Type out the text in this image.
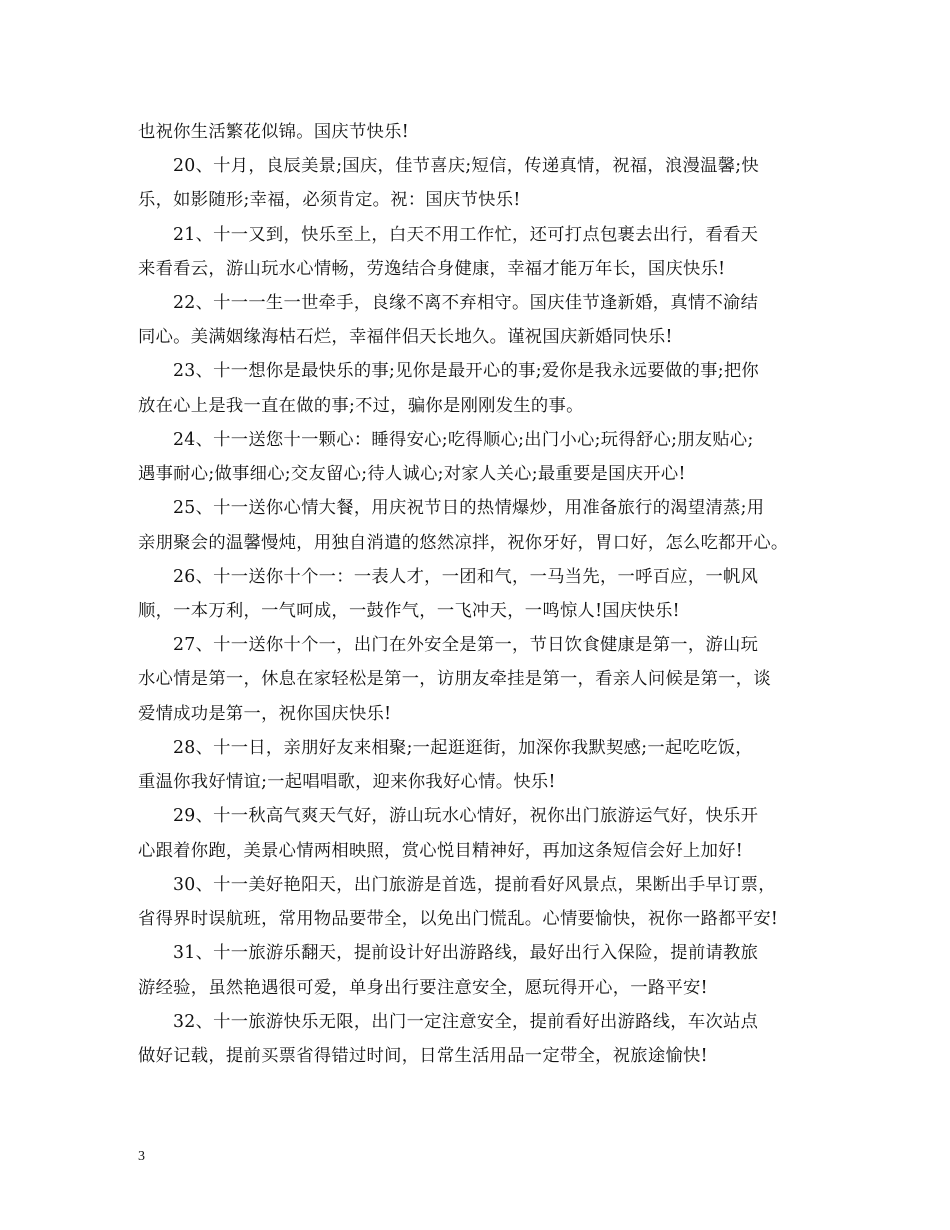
也祝你生活繁花似锦。国庆节快乐!
20、十月，良辰美景;国庆，佳节喜庆;短信，传递真情，祝福，浪漫温馨;快
乐，如影随形;幸福，必须肯定。祝：国庆节快乐!
21、十一又到，快乐至上，白天不用工作忙，还可打点包裹去出行，看看天
来看看云，游山玩水心情畅，劳逸结合身健康，幸福才能万年长，国庆快乐!
22、十一一生一世牵手，良缘不离不弃相守。国庆佳节逢新婚，真情不渝结
同心。美满姻缘海枯石烂，幸福伴侣天长地久。谨祝国庆新婚同快乐!
23、十一想你是最快乐的事;见你是最开心的事;爱你是我永远要做的事;把你
放在心上是我一直在做的事;不过，骗你是刚刚发生的事。
24、十一送您十一颗心：睡得安心;吃得顺心;出门小心;玩得舒心;朋友贴心;
遇事耐心;做事细心;交友留心;待人诚心;对家人关心;最重要是国庆开心!
25、十一送你心情大餐，用庆祝节日的热情爆炒，用准备旅行的渴望清蒸;用
亲朋聚会的温馨慢炖，用独自消遣的悠然凉拌，祝你牙好，胃口好，怎么吃都开心。
26、十一送你十个一：一表人才，一团和气，一马当先，一呼百应，一帆风
顺，一本万利，一气呵成，一鼓作气，一飞冲天，一鸣惊人!国庆快乐!
27、十一送你十个一，出门在外安全是第一，节日饮食健康是第一，游山玩
水心情是第一，休息在家轻松是第一，访朋友牵挂是第一，看亲人问候是第一，谈
爱情成功是第一，祝你国庆快乐!
28、十一日，亲朋好友来相聚;一起逛逛街，加深你我默契感;一起吃吃饭，
重温你我好情谊;一起唱唱歌，迎来你我好心情。快乐!
29、十一秋高气爽天气好，游山玩水心情好，祝你出门旅游运气好，快乐开
心跟着你跑，美景心情两相映照，赏心悦目精神好，再加这条短信会好上加好!
30、十一美好艳阳天，出门旅游是首选，提前看好风景点，果断出手早订票，
省得界时误航班，常用物品要带全，以免出门慌乱。心情要愉快，祝你一路都平安!
31、十一旅游乐翻天，提前设计好出游路线，最好出行入保险，提前请教旅
游经验，虽然艳遇很可爱，单身出行要注意安全，愿玩得开心，一路平安!
32、十一旅游快乐无限，出门一定注意安全，提前看好出游路线，车次站点
做好记载，提前买票省得错过时间，日常生活用品一定带全，祝旅途愉快!
3
